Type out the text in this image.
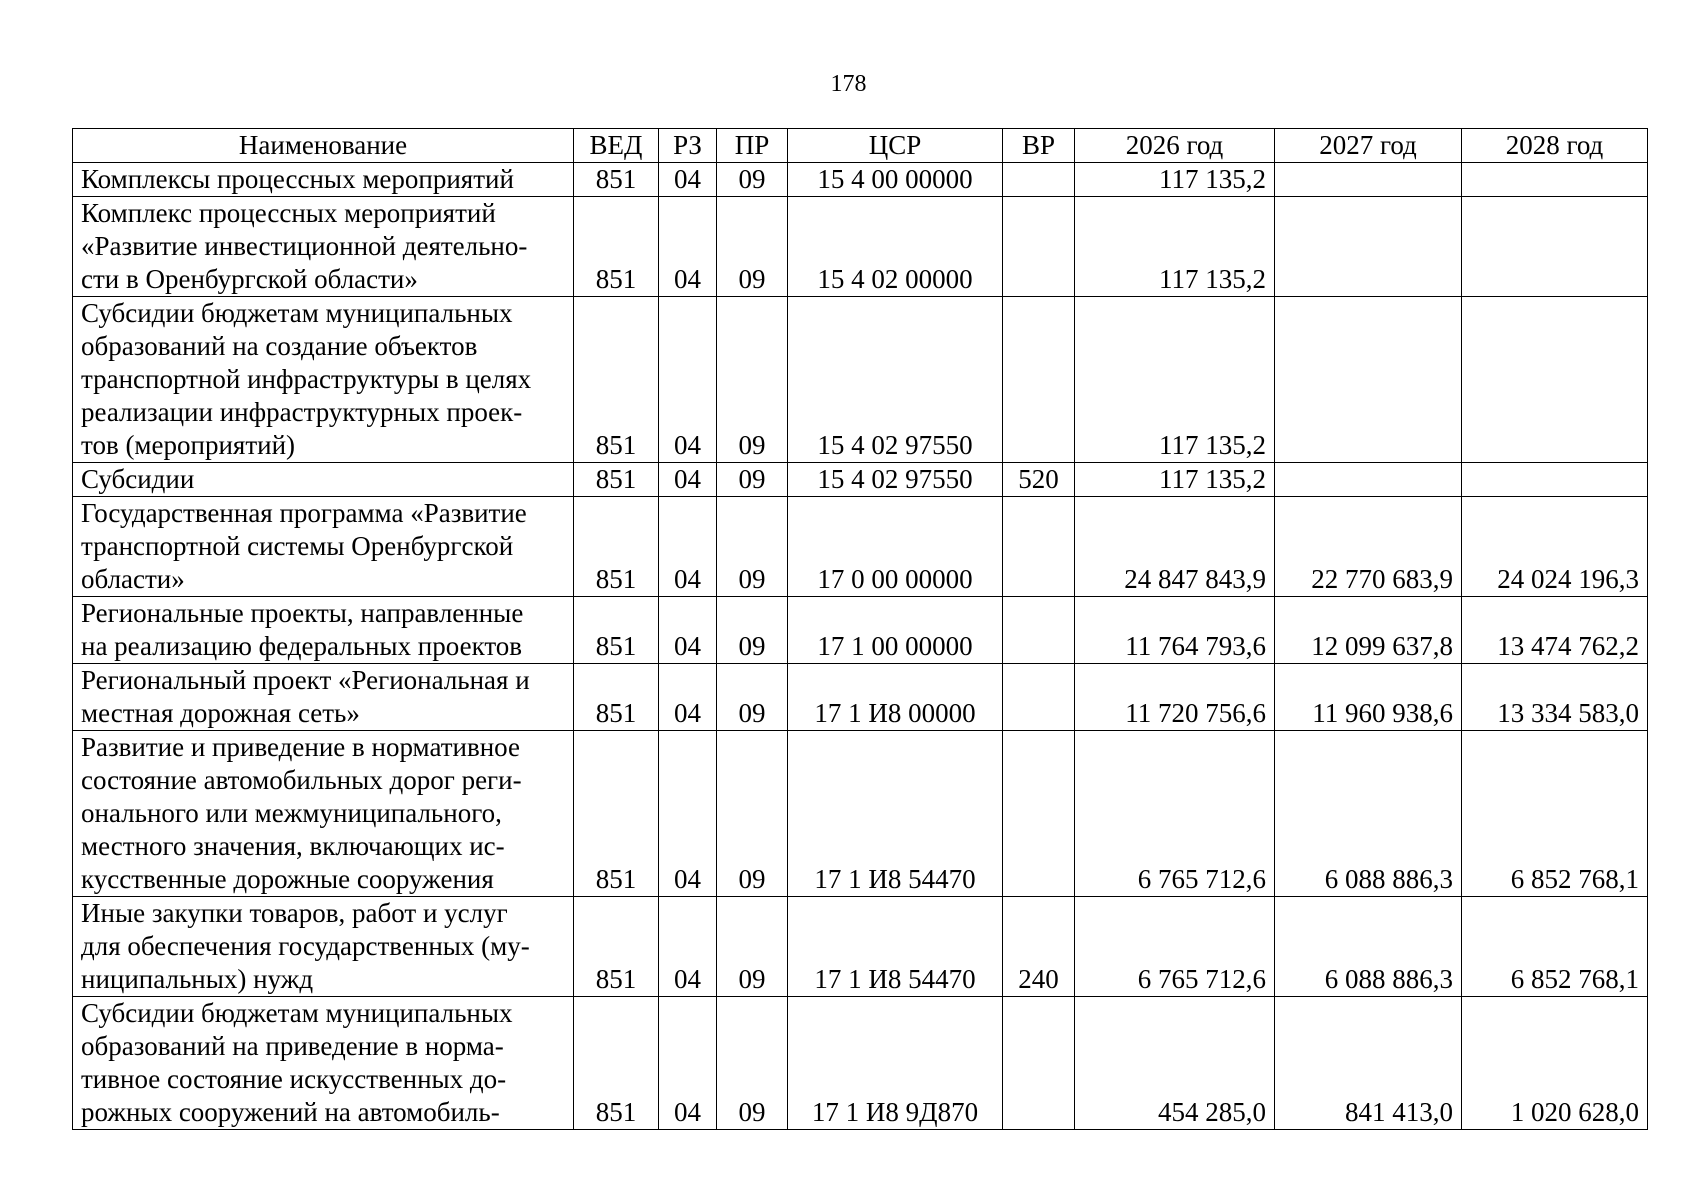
178
Наименование	ВЕД	РЗ	ПР	ЦСР	ВР	2026 год	2027 год	2028 год

Комплексы процессных мероприятий	851	04	09	15 4 00 00000		117 135,2		

Комплекс процессных мероприятий
«Развитие инвестиционной деятельно-
сти в Оренбургской области»	851	04	09	15 4 02 00000		117 135,2		

Субсидии бюджетам муниципальных
образований на создание объектов
транспортной инфраструктуры в целях
реализации инфраструктурных проек-
тов (мероприятий)	851	04	09	15 4 02 97550		117 135,2		

Субсидии	851	04	09	15 4 02 97550	520	117 135,2		

Государственная программа «Развитие
транспортной системы Оренбургской
области»	851	04	09	17 0 00 00000		24 847 843,9	22 770 683,9	24 024 196,3

Региональные проекты, направленные
на реализацию федеральных проектов	851	04	09	17 1 00 00000		11 764 793,6	12 099 637,8	13 474 762,2

Региональный проект «Региональная и
местная дорожная сеть»	851	04	09	17 1 И8 00000		11 720 756,6	11 960 938,6	13 334 583,0

Развитие и приведение в нормативное
состояние автомобильных дорог реги-
онального или межмуниципального,
местного значения, включающих ис-
кусственные дорожные сооружения	851	04	09	17 1 И8 54470		6 765 712,6	6 088 886,3	6 852 768,1

Иные закупки товаров, работ и услуг
для обеспечения государственных (му-
ниципальных) нужд	851	04	09	17 1 И8 54470	240	6 765 712,6	6 088 886,3	6 852 768,1

Субсидии бюджетам муниципальных
образований на приведение в норма-
тивное состояние искусственных до-
рожных сооружений на автомобиль-	851	04	09	17 1 И8 9Д870		454 285,0	841 413,0	1 020 628,0
